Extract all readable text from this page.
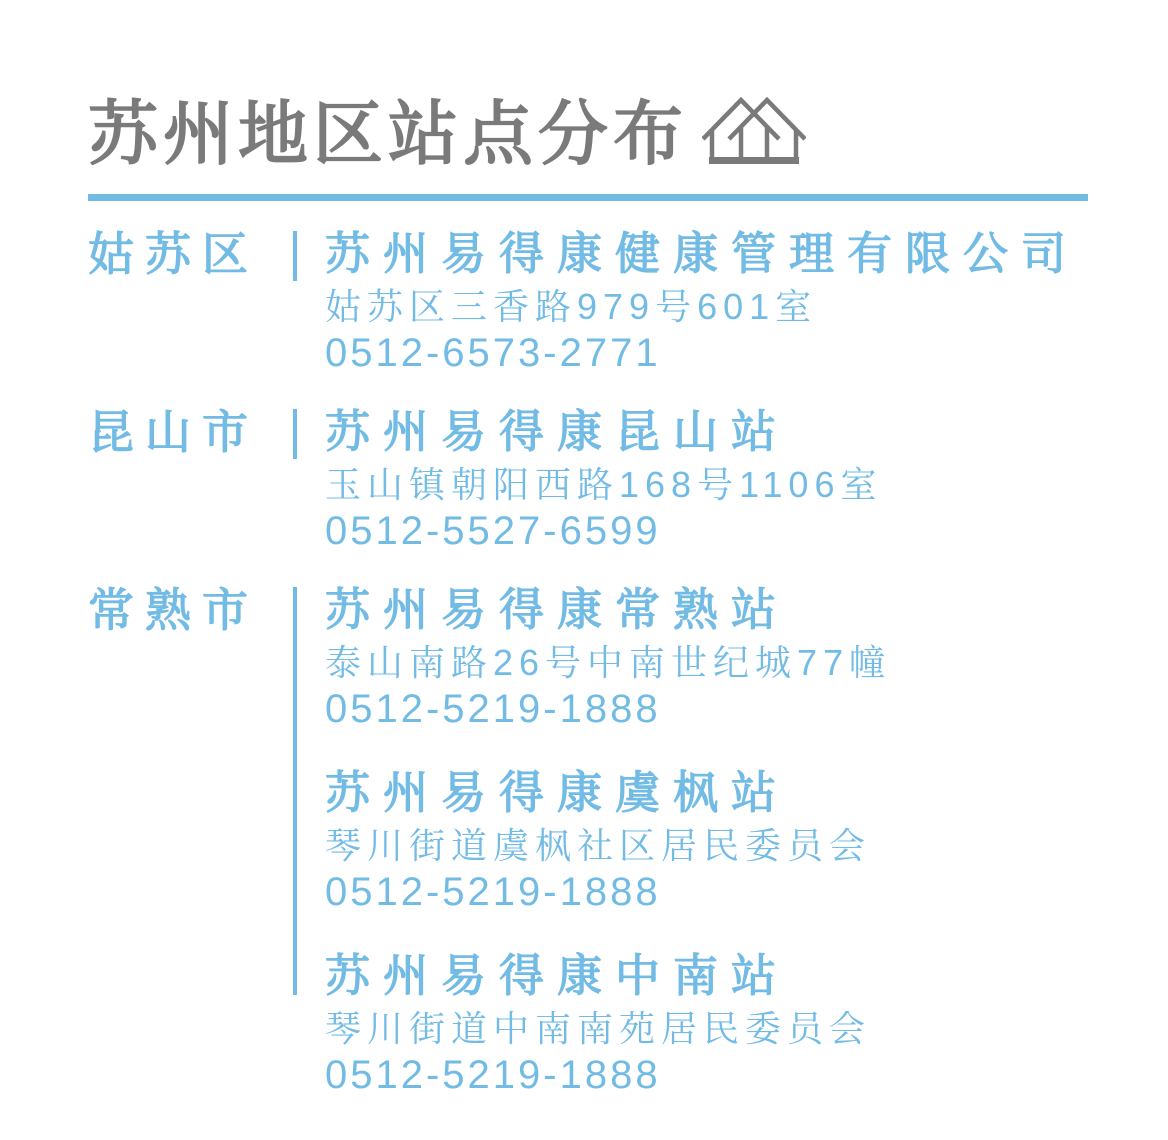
苏州地区站点分布
姑苏区	苏州易得康健康管理有限公司

姑苏区三香路979号601室

0512-6573-2771

昆山市	苏州易得康昆山站

玉山镇朝阳西路168号1106室

0512-5527-6599

常熟市	苏州易得康常熟站

泰山南路26号中南世纪城77幢

0512-5219-1888

苏州易得康虞枫站

琴川街道虞枫社区居民委员会

0512-5219-1888

苏州易得康中南站

琴川街道中南南苑居民委员会

0512-5219-1888
